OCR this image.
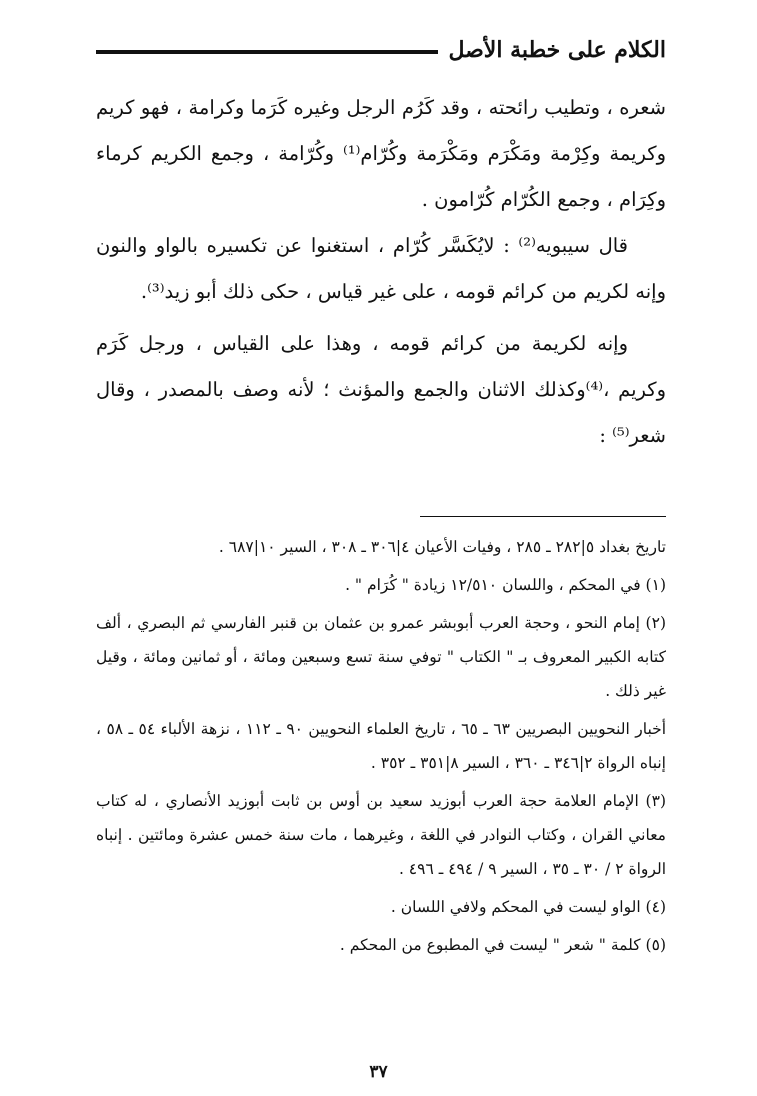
الكلام على خطبة الأصل

شعره ، وتطيب رائحته ، وقد كَرُم الرجل وغيره كَرَما وكرامة ، فهو كريم وكريمة وكِرْمة ومَكْرَم ومَكْرَمة وكُرّام⁽¹⁾ وكُرّامة ، وجمع الكريم كرماء وكِرَام ، وجمع الكُرّام كُرّامون .

قال سيبويه⁽²⁾ : لايُكَسَّر كُرّام ، استغنوا عن تكسيره بالواو والنون وإنه لكريم من كرائم قومه ، على غير قياس ، حكى ذلك أبو زيد⁽³⁾.

وإنه لكريمة من كرائم قومه ، وهذا على القياس ، ورجل كَرَم وكريم ،⁽⁴⁾وكذلك الاثنان والجمع والمؤنث ؛ لأنه وصف بالمصدر ، وقال شعر⁽⁵⁾ :

تاريخ بغداد ٥|٢٨٢ ـ ٢٨٥ ، وفيات الأعيان ٤|٣٠٦ ـ ٣٠٨ ، السير ١٠|٦٨٧ .

(١) في المحكم ، واللسان ١٢/٥١٠ زيادة " كُرَام " .

(٢) إمام النحو ، وحجة العرب أبوبشر عمرو بن عثمان بن قنبر الفارسي ثم البصري ، ألف كتابه الكبير المعروف بـ " الكتاب " توفي سنة تسع وسبعين ومائة ، أو ثمانين ومائة ، وقيل غير ذلك .

أخبار النحويين البصريين ٦٣ ـ ٦٥ ، تاريخ العلماء النحويين ٩٠ ـ ١١٢ ، نزهة الألباء ٥٤ ـ ٥٨ ، إنباه الرواة ٢|٣٤٦ ـ ٣٦٠ ، السير ٨|٣٥١ ـ ٣٥٢ .

(٣) الإمام العلامة حجة العرب أبوزيد سعيد بن أوس بن ثابت أبوزيد الأنصاري ، له كتاب معاني القران ، وكتاب النوادر في اللغة ، وغيرهما ، مات سنة خمس عشرة ومائتين . إنباه الرواة ٢ / ٣٠ ـ ٣٥ ، السير ٩ / ٤٩٤ ـ ٤٩٦ .

(٤) الواو ليست في المحكم ولافي اللسان .

(٥) كلمة " شعر " ليست في المطبوع من المحكم .

٣٧
